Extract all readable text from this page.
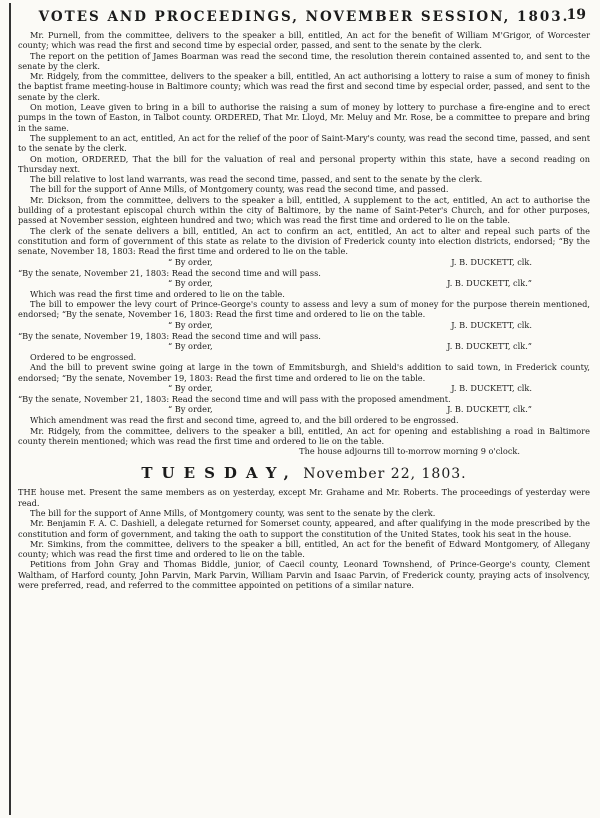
VOTES AND PROCEEDINGS, NOVEMBER SESSION, 1803.
19

Mr. Purnell, from the committee, delivers to the speaker a bill, entitled, An act for the benefit of William M'Grigor, of Worcester county; which was read the first and second time by especial order, passed, and sent to the senate by the clerk.

The report on the petition of James Boarman was read the second time, the resolution therein contained assented to, and sent to the senate by the clerk.

Mr. Ridgely, from the committee, delivers to the speaker a bill, entitled, An act authorising a lottery to raise a sum of money to finish the baptist frame meeting-house in Baltimore county; which was read the first and second time by especial order, passed, and sent to the senate by the clerk.

On motion, Leave given to bring in a bill to authorise the raising a sum of money by lottery to purchase a fire-engine and to erect pumps in the town of Easton, in Talbot county. ORDERED, That Mr. Lloyd, Mr. Meluy and Mr. Rose, be a committee to prepare and bring in the same.

The supplement to an act, entitled, An act for the relief of the poor of Saint-Mary's county, was read the second time, passed, and sent to the senate by the clerk.

On motion, ORDERED, That the bill for the valuation of real and personal property within this state, have a second reading on Thursday next.

The bill relative to lost land warrants, was read the second time, passed, and sent to the senate by the clerk.

The bill for the support of Anne Mills, of Montgomery county, was read the second time, and passed.

Mr. Dickson, from the committee, delivers to the speaker a bill, entitled, A supplement to the act, entitled, An act to authorise the building of a protestant episcopal church within the city of Baltimore, by the name of Saint-Peter's Church, and for other purposes, passed at November session, eighteen hundred and two; which was read the first time and ordered to lie on the table.

The clerk of the senate delivers a bill, entitled, An act to confirm an act, entitled, An act to alter and repeal such parts of the constitution and form of government of this state as relate to the division of Frederick county into election districts, endorsed; “By the senate, November 18, 1803: Read the first time and ordered to lie on the table.

“ By order,	J. B. DUCKETT, clk.
“By the senate, November 21, 1803: Read the second time and will pass.
“ By order,	J. B. DUCKETT, clk.”

Which was read the first time and ordered to lie on the table.

The bill to empower the levy court of Prince-George's county to assess and levy a sum of money for the purpose therein mentioned, endorsed; “By the senate, November 16, 1803: Read the first time and ordered to lie on the table.

“ By order,	J. B. DUCKETT, clk.
“By the senate, November 19, 1803: Read the second time and will pass.
“ By order,	J. B. DUCKETT, clk.”

Ordered to be engrossed.

And the bill to prevent swine going at large in the town of Emmitsburgh, and Shield's addition to said town, in Frederick county, endorsed; “By the senate, November 19, 1803: Read the first time and ordered to lie on the table.

“ By order,	J. B. DUCKETT, clk.
“By the senate, November 21, 1803: Read the second time and will pass with the proposed amendment.
“ By order,	J. B. DUCKETT, clk.”

Which amendment was read the first and second time, agreed to, and the bill ordered to be engrossed.

Mr. Ridgely, from the committee, delivers to the speaker a bill, entitled, An act for opening and establishing a road in Baltimore county therein mentioned; which was read the first time and ordered to lie on the table.

The house adjourns till to-morrow morning 9 o'clock.

TUESDAY, November 22, 1803.

THE house met. Present the same members as on yesterday, except Mr. Grahame and Mr. Roberts. The proceedings of yesterday were read.

The bill for the support of Anne Mills, of Montgomery county, was sent to the senate by the clerk.

Mr. Benjamin F. A. C. Dashiell, a delegate returned for Somerset county, appeared, and after qualifying in the mode prescribed by the constitution and form of government, and taking the oath to support the constitution of the United States, took his seat in the house.

Mr. Simkins, from the committee, delivers to the speaker a bill, entitled, An act for the benefit of Edward Montgomery, of Allegany county; which was read the first time and ordered to lie on the table.

Petitions from John Gray and Thomas Biddle, junior, of Caecil county, Leonard Townshend, of Prince-George's county, Clement Waltham, of Harford county, John Parvin, Mark Parvin, William Parvin and Isaac Parvin, of Frederick county, praying acts of insolvency, were preferred, read, and referred to the committee appointed on petitions of a similar nature.
